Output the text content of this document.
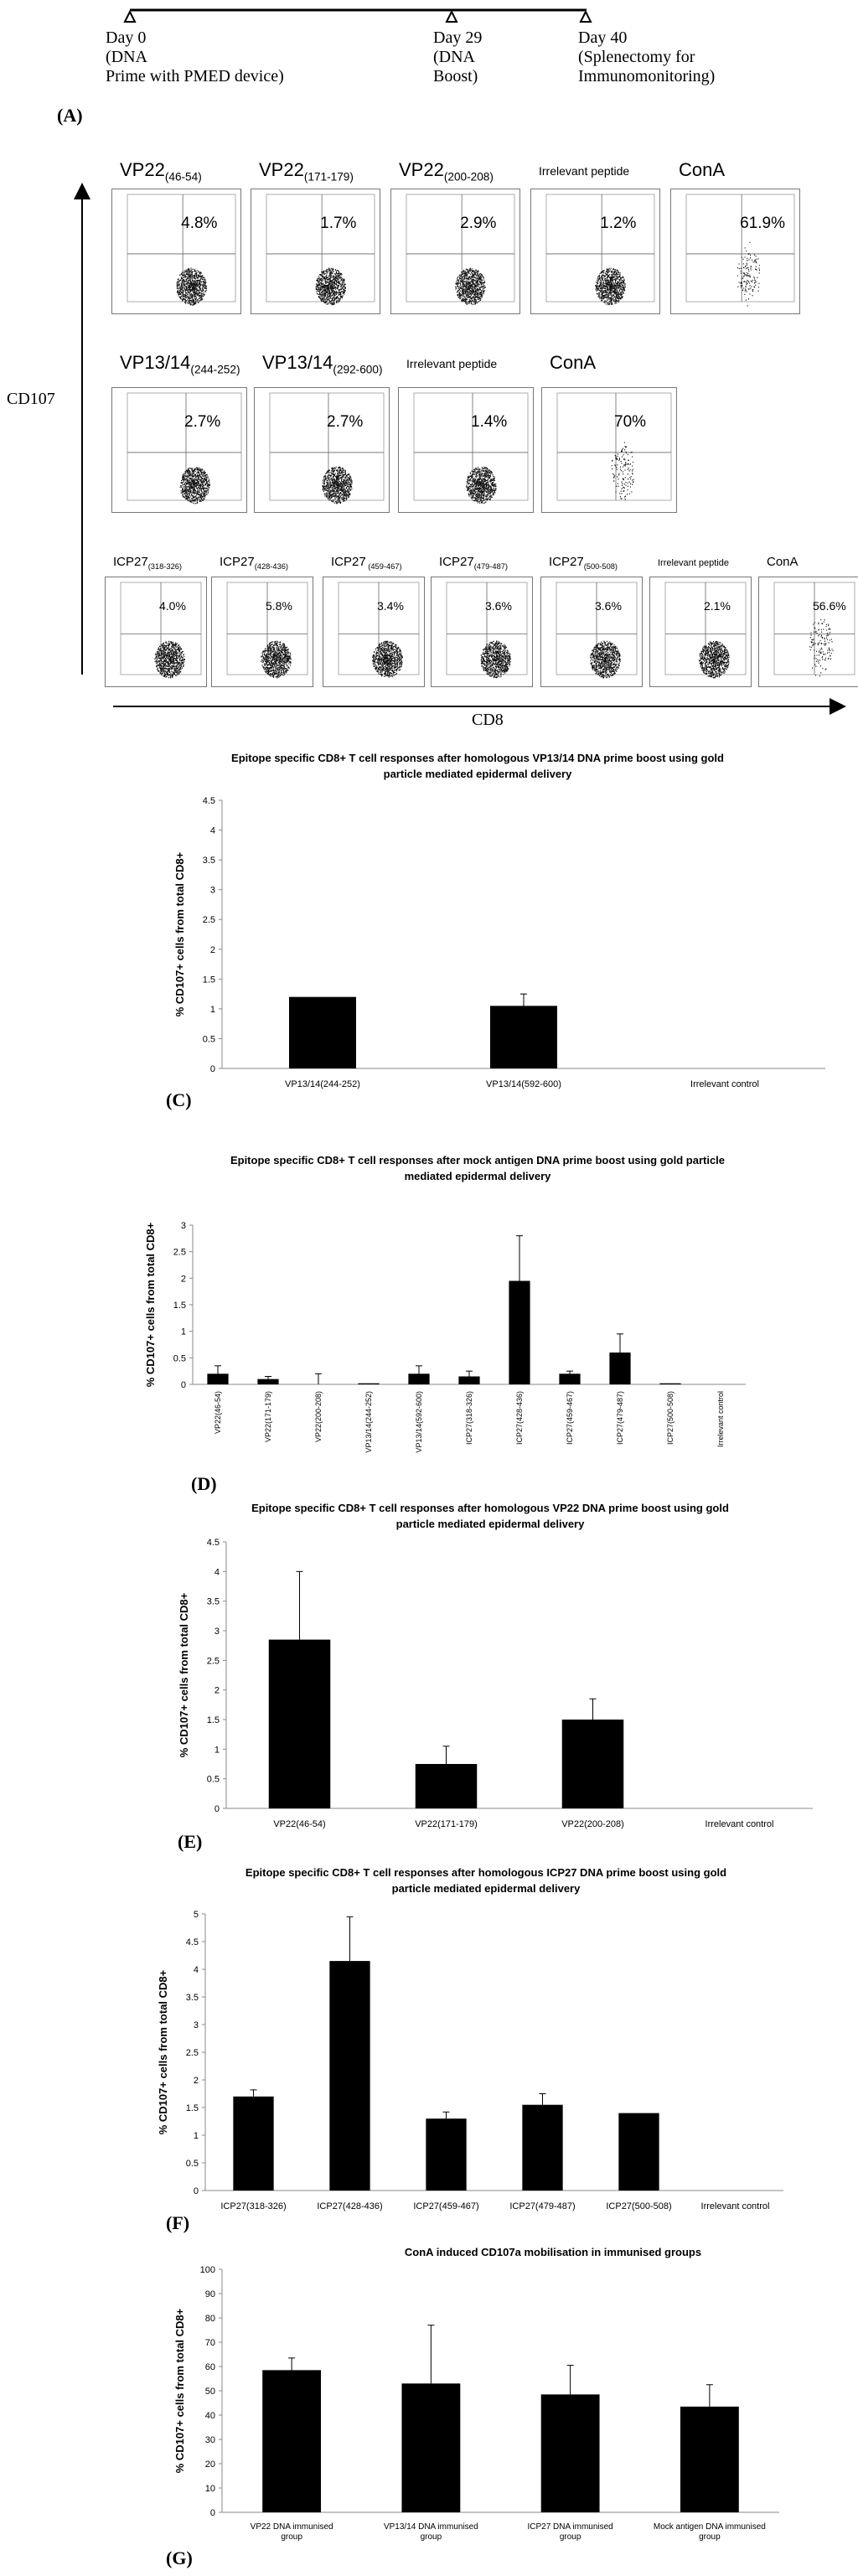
Day 0
(DNA
Prime with PMED device)
Day 29
(DNA
Boost)
Day 40
(Splenectomy for
Immunomonitoring)
(A)
CD107
CD8
$VP22_{(46-54)}$
4.8%
$VP22_{(171-179)}$
1.7%
$VP22_{(200-208)}$
2.9%
Irrelevant peptide
1.2%
ConA
61.9%
$VP13/14_{(244-252)}$
2.7%
$VP13/14_{(292-600)}$
2.7%
Irrelevant peptide
1.4%
ConA
70%
$ICP27_{(318-326)}$
4.0%
$ICP27_{(428-436)}$
5.8%
ICP27 $_{(459-467)}$
3.4%
$ICP27_{(479-487)}$
3.6%
$ICP27_{(500-508)}$
3.6%
Irrelevant peptide
2.1%
ConA
56.6%
Epitope specific CD8+ T cell responses after homologous VP13/14 DNA prime boost using gold particle mediated epidermal delivery
(C)
0
0.5
1
1.5
2
2.5
3
3.5
4
4.5
VP13/14(244-252)	VP13/14(592-600)	Irrelevant control
% CD107+ cells from total CD8+
Epitope specific CD8+ T cell responses after mock antigen DNA prime boost using gold particle mediated epidermal delivery
(D)
0
0.5
1
1.5
2
2.5
3
VP22(46-54)	VP22(171-179)	VP22(200-208)	VP13/14(244-252)	VP13/14(592-600)	ICP27(318-326)	ICP27(428-436)	ICP27(459-467)	ICP27(479-487)	ICP27(500-508)	Irrelevant control
% CD107+ cells from total CD8+
Epitope specific CD8+ T cell responses after homologous VP22 DNA prime boost using gold particle mediated epidermal delivery
(E)
0
0.5
1
1.5
2
2.5
3
3.5
4
4.5
VP22(46-54)	VP22(171-179)	VP22(200-208)	Irrelevant control
% CD107+ cells from total CD8+
Epitope specific CD8+ T cell responses after homologous ICP27 DNA prime boost using gold particle mediated epidermal delivery
(F)
0
0.5
1
1.5
2
2.5
3
3.5
4
4.5
5
ICP27(318-326)	ICP27(428-436)	ICP27(459-467)	ICP27(479-487)	ICP27(500-508)	Irrelevant control
% CD107+ cells from total CD8+
ConA induced CD107a mobilisation in immunised groups
(G)
0
10
20
30
40
50
60
70
80
90
100
VP22 DNA immunised group
VP13/14 DNA immunised group
ICP27 DNA immunised group
Mock antigen DNA immunised group
% CD107+ cells from total CD8+
